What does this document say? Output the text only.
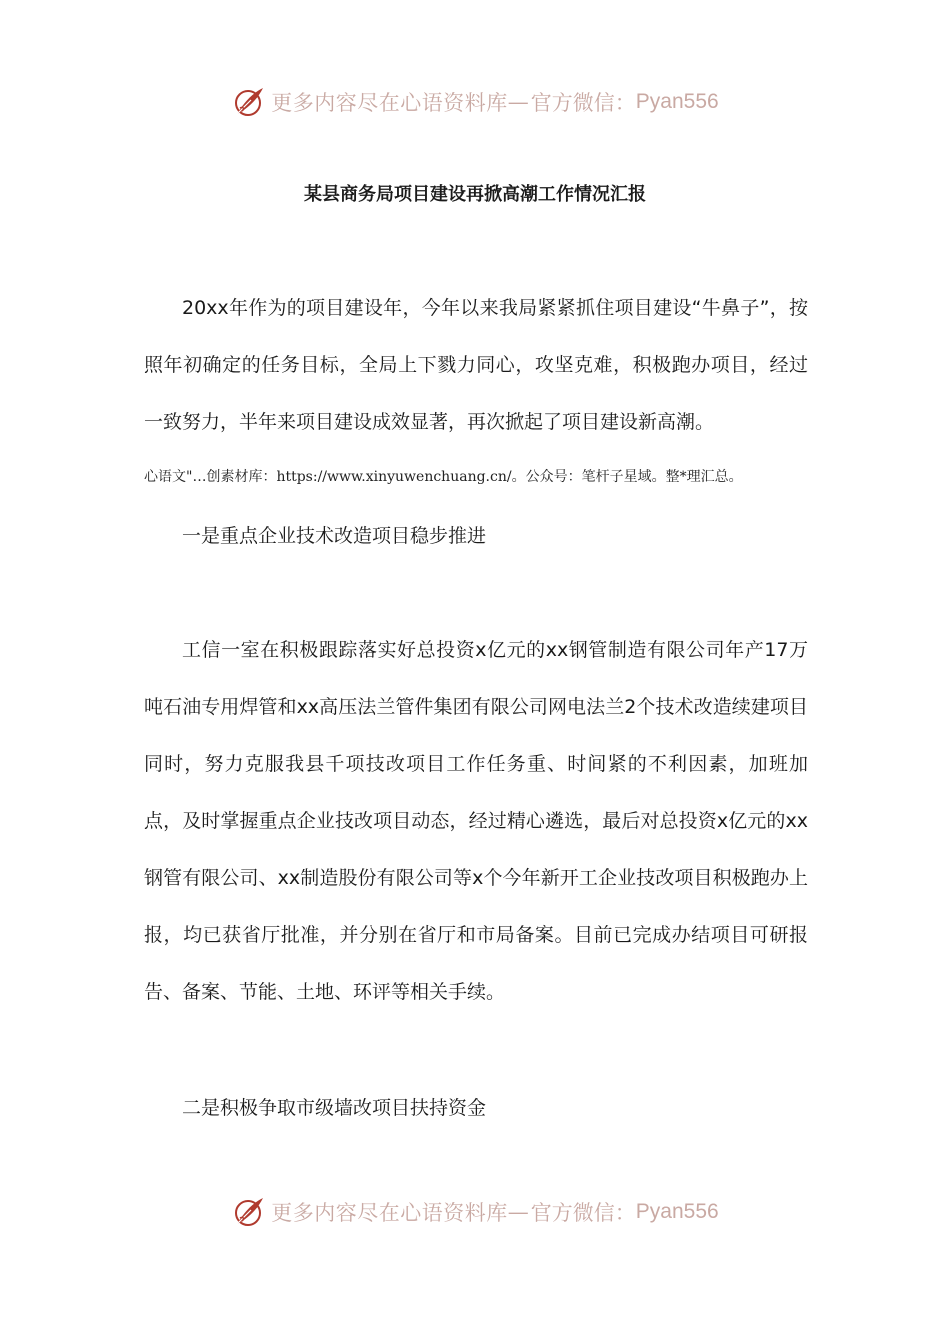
更多内容尽在心语资料库 — 官方微信： Pyan556
某县商务局项目建设再掀高潮工作情况汇报

20xx年作为的项目建设年，今年以来我局紧紧抓住项目建设“牛鼻子”，按照年初确定的任务目标，全局上下戮力同心，攻坚克难，积极跑办项目，经过一致努力，半年来项目建设成效显著，再次掀起了项目建设新高潮。

心语文"…创素材库：https://www.xinyuwenchuang.cn/。公众号：笔杆子星域。整*理汇总。
一是重点企业技术改造项目稳步推进

工信一室在积极跟踪落实好总投资x亿元的xx钢管制造有限公司年产17万吨石油专用焊管和xx高压法兰管件集团有限公司网电法兰2个技术改造续建项目同时，努力克服我县千项技改项目工作任务重、时间紧的不利因素，加班加点，及时掌握重点企业技改项目动态，经过精心遴选，最后对总投资x亿元的xx钢管有限公司、xx制造股份有限公司等x个今年新开工企业技改项目积极跑办上报，均已获省厅批准，并分别在省厅和市局备案。目前已完成办结项目可研报告、备案、节能、土地、环评等相关手续。

二是积极争取市级墙改项目扶持资金
更多内容尽在心语资料库 — 官方微信： Pyan556
